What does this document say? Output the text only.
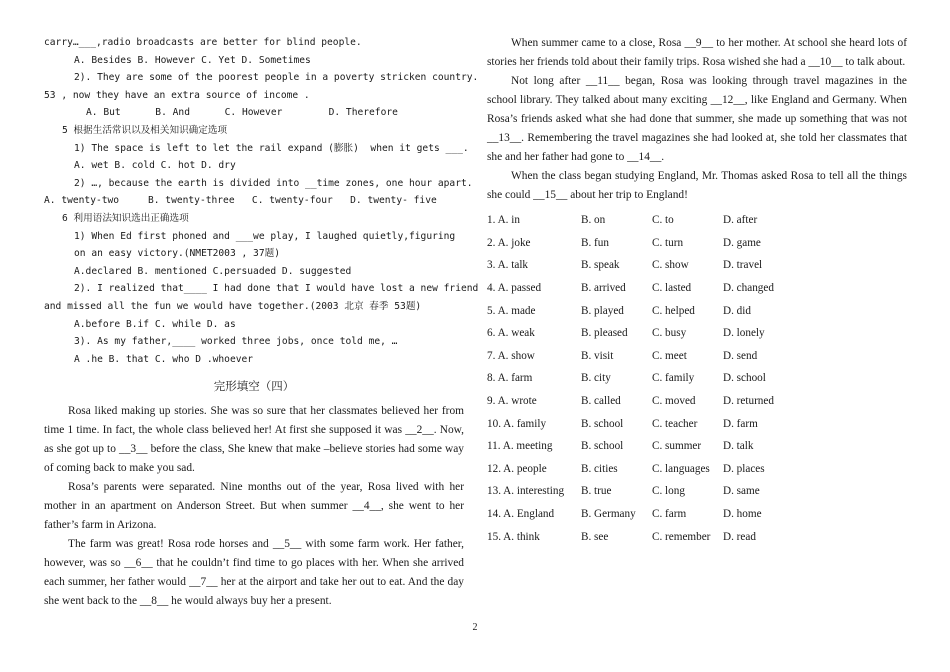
carry…___,radio broadcasts are better for blind people.
A. Besides B. However C. Yet D. Sometimes
2). They are some of the poorest people in a poverty stricken country.
53 , now they have an extra source of income .
A. But      B. And      C. However        D. Therefore
5 根据生活常识以及相关知识确定选项
1) The space is left to let the rail expand (膨胀)  when it gets ___.
A. wet B. cold C. hot D. dry
2) …, because the earth is divided into __time zones, one hour apart.
A. twenty-two     B. twenty-three   C. twenty-four   D. twenty- five
6 利用语法知识选出正确选项
1) When Ed first phoned and ___we play, I laughed quietly,figuring
on an easy victory.(NMET2003 , 37题)
A.declared B. mentioned C.persuaded D. suggested
2). I realized that____ I had done that I would have lost a new friend
and missed all the fun we would have together.(2003 北京 春季 53题)
A.before B.if C. while D. as
3). As my father,____ worked three jobs, once told me, …
A .he B. that C. who D .whoever
完形填空（四）

Rosa liked making up stories. She was so sure that her classmates believed her from time 1 time. In fact, the whole class believed her! At first she supposed it was __2__. Now, as she got up to __3__ before the class, She knew that make –believe stories had some way of coming back to make you sad.

Rosa’s parents were separated. Nine months out of the year, Rosa lived with her mother in an apartment on Anderson Street. But when summer __4__, she went to her father’s farm in Arizona.

The farm was great! Rosa rode horses and __5__ with some farm work. Her father, however, was so __6__ that he couldn’t find time to go places with her. When she arrived each summer, her father would __7__ her at the airport and take her out to eat. And the day she went back to the __8__ he would always buy her a present.

When summer came to a close, Rosa __9__ to her mother. At school she heard lots of stories her friends told about their family trips. Rosa wished she had a __10__ to talk about.

Not long after __11__ began, Rosa was looking through travel magazines in the school library. They talked about many exciting __12__, like England and Germany. When Rosa’s friends asked what she had done that summer, she made up something that was not __13__. Remembering the travel magazines she had looked at, she told her classmates that she and her father had gone to __14__.

When the class began studying England, Mr. Thomas asked Rosa to tell all the things she could __15__ about her trip to England!

1. A. in	B. on	C. to	D. after
2. A. joke	B. fun	C. turn	D. game
3. A. talk	B. speak	C. show	D. travel
4. A. passed	B. arrived	C. lasted	D. changed
5. A. made	B. played	C. helped	D. did
6. A. weak	B. pleased	C. busy	D. lonely
7. A. show	B. visit	C. meet	D. send
8. A. farm	B. city	C. family	D. school
9. A. wrote	B. called	C. moved	D. returned
10. A. family	B. school	C. teacher	D. farm
11. A. meeting	B. school	C. summer	D. talk
12. A. people	B. cities	C. languages	D. places
13. A. interesting	B. true	C. long	D. same
14. A. England	B. Germany	C. farm	D. home
15. A. think	B. see	C. remember	D. read
2
